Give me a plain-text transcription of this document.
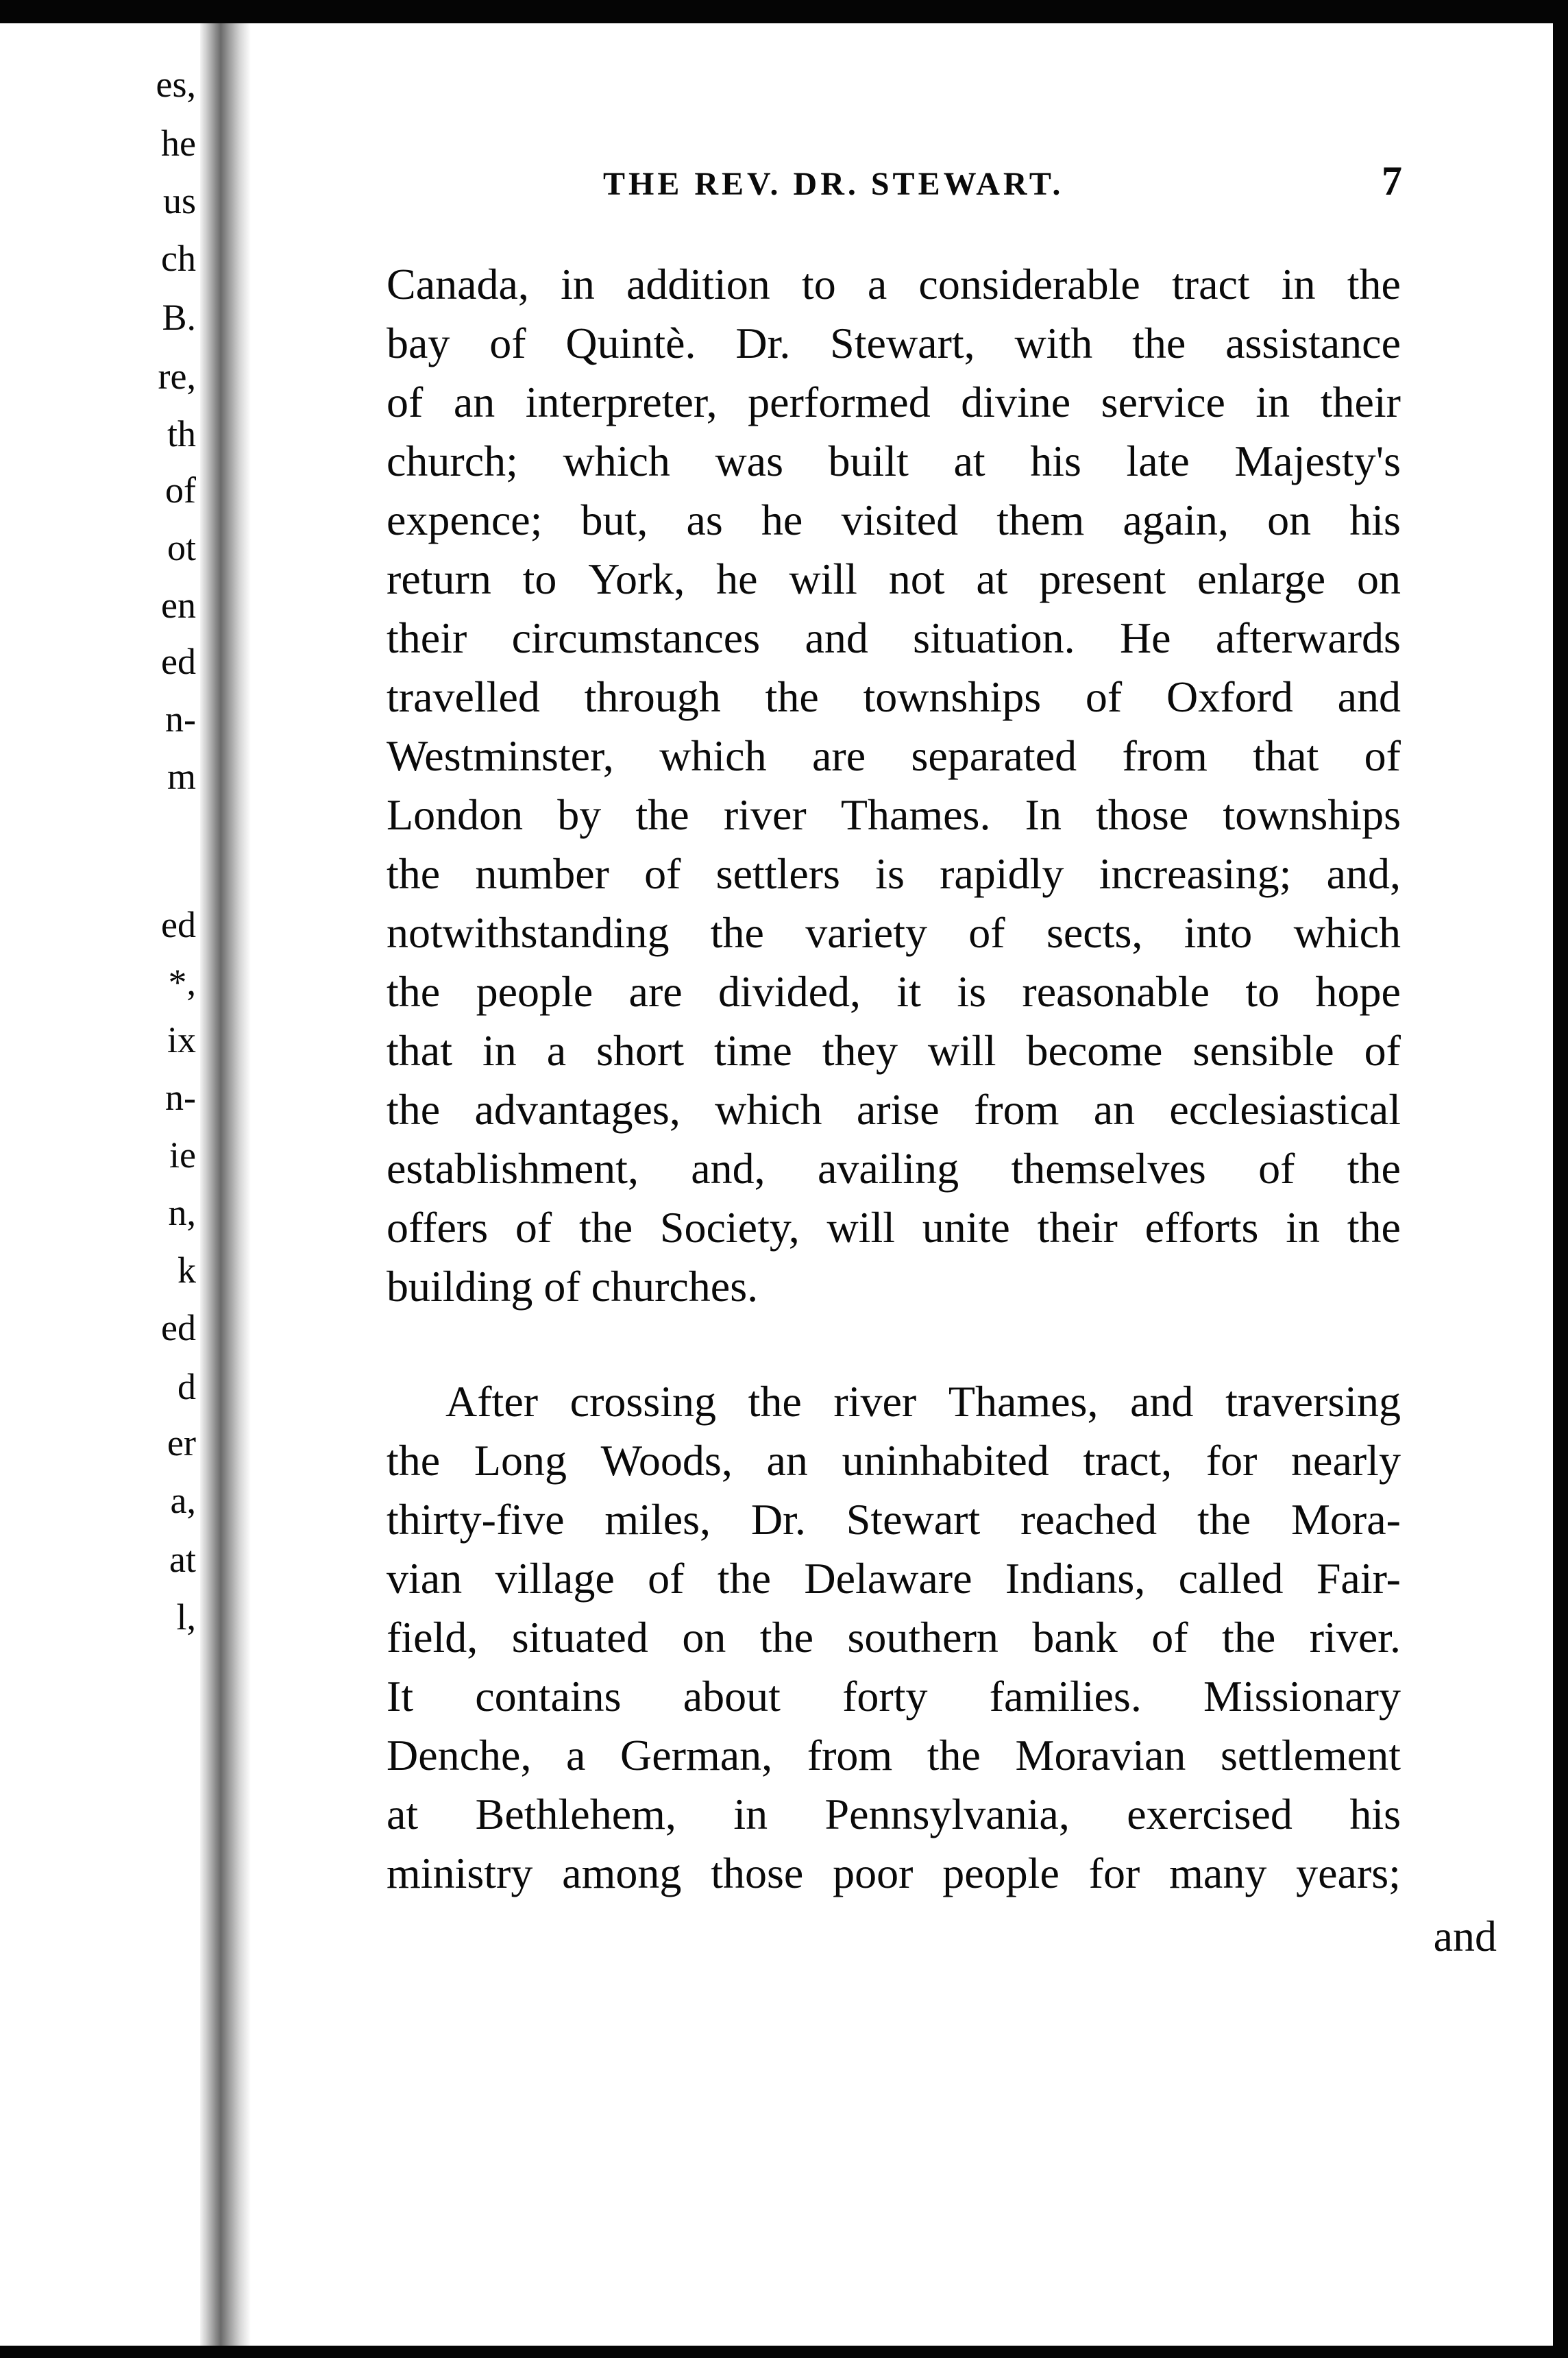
es,

he

us

ch

B.

re,

th

of

ot

en

ed

n-

m

ed

*,

ix

n-

ie

n,

k

ed

d

er

a,

at

l,

THE REV. DR. STEWART.	7
Canada, in addition to a considerable tract in the
bay of Quintè. Dr. Stewart, with the assistance
of an interpreter, performed divine service in their
church; which was built at his late Majesty's
expence; but, as he visited them again, on his
return to York, he will not at present enlarge on
their circumstances and situation. He afterwards
travelled through the townships of Oxford and
Westminster, which are separated from that of
London by the river Thames. In those townships
the number of settlers is rapidly increasing; and,
notwithstanding the variety of sects, into which
the people are divided, it is reasonable to hope
that in a short time they will become sensible of
the advantages, which arise from an ecclesiastical
establishment, and, availing themselves of the
offers of the Society, will unite their efforts in the
building of churches.
After crossing the river Thames, and traversing
the Long Woods, an uninhabited tract, for nearly
thirty-five miles, Dr. Stewart reached the Mora-
vian village of the Delaware Indians, called Fair-
field, situated on the southern bank of the river.
It contains about forty families. Missionary
Denche, a German, from the Moravian settlement
at Bethlehem, in Pennsylvania, exercised his
ministry among those poor people for many years;
and
